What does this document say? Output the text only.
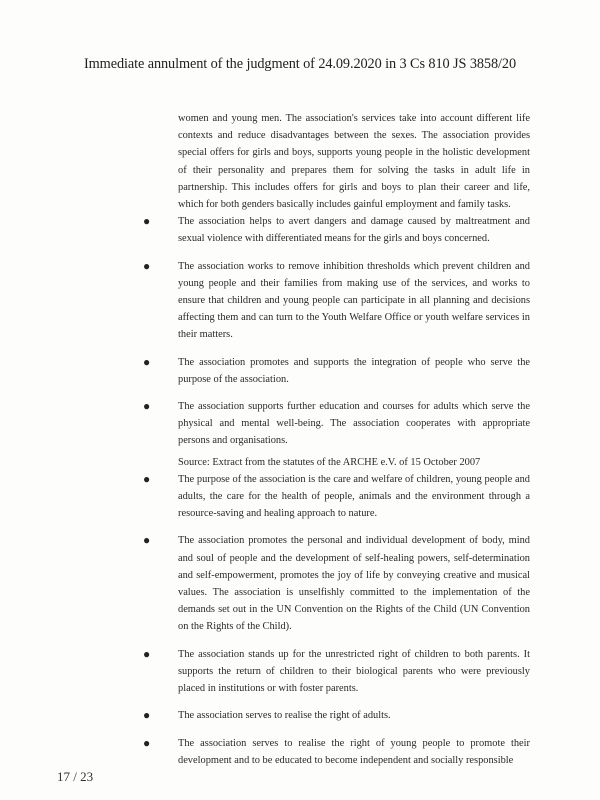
Immediate annulment of the judgment of 24.09.2020 in 3 Cs 810 JS 3858/20

women and young men. The association's services take into account different life contexts and reduce disadvantages between the sexes. The association provides special offers for girls and boys, supports young people in the holistic development of their personality and prepares them for solving the tasks in adult life in partnership. This includes offers for girls and boys to plan their career and life, which for both genders basically includes gainful employment and family tasks.

●	The association helps to avert dangers and damage caused by maltreatment and sexual violence with differentiated means for the girls and boys concerned.

●	The association works to remove inhibition thresholds which prevent children and young people and their families from making use of the services, and works to ensure that children and young people can participate in all planning and decisions affecting them and can turn to the Youth Welfare Office or youth welfare services in their matters.

●	The association promotes and supports the integration of people who serve the purpose of the association.

●	The association supports further education and courses for adults which serve the physical and mental well-being. The association cooperates with appropriate persons and organisations.

Source: Extract from the statutes of the ARCHE e.V. of 15 October 2007

●	The purpose of the association is the care and welfare of children, young people and adults, the care for the health of people, animals and the environment through a resource-saving and healing approach to nature.

●	The association promotes the personal and individual development of body, mind and soul of people and the development of self-healing powers, self-determination and self-empowerment, promotes the joy of life by conveying creative and musical values. The association is unselfishly committed to the implementation of the demands set out in the UN Convention on the Rights of the Child (UN Convention on the Rights of the Child).

●	The association stands up for the unrestricted right of children to both parents. It supports the return of children to their biological parents who were previously placed in institutions or with foster parents.

●	The association serves to realise the right of adults.

●	The association serves to realise the right of young people to promote their development and to be educated to become independent and socially responsible

17 / 23
